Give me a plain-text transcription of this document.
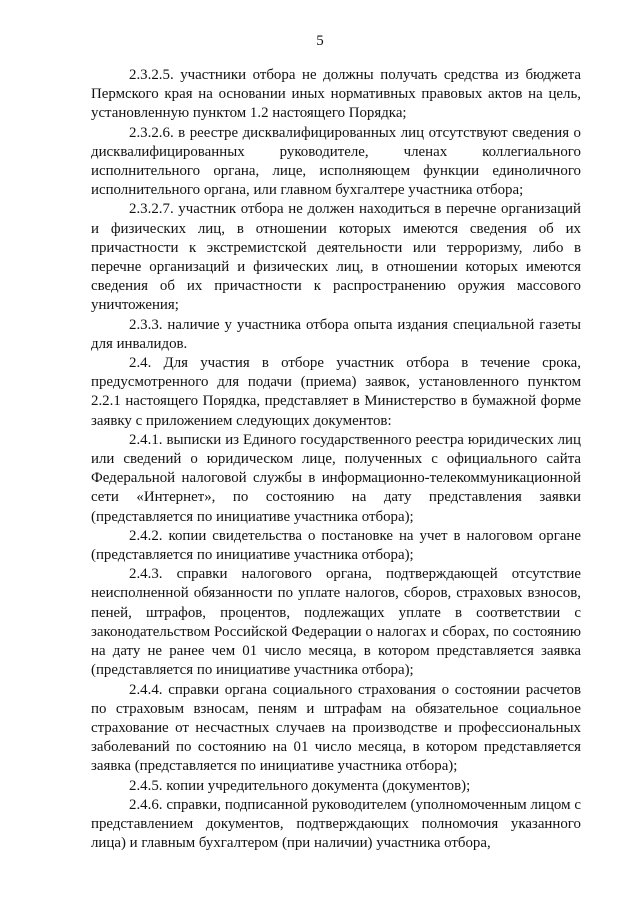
5

2.3.2.5. участники отбора не должны получать средства из бюджета Пермского края на основании иных нормативных правовых актов на цель, установленную пунктом 1.2 настоящего Порядка;

2.3.2.6. в реестре дисквалифицированных лиц отсутствуют сведения о дисквалифицированных руководителе, членах коллегиального исполнительного органа, лице, исполняющем функции единоличного исполнительного органа, или главном бухгалтере участника отбора;

2.3.2.7. участник отбора не должен находиться в перечне организаций и физических лиц, в отношении которых имеются сведения об их причастности к экстремистской деятельности или терроризму, либо в перечне организаций и физических лиц, в отношении которых имеются сведения об их причастности к распространению оружия массового уничтожения;

2.3.3. наличие у участника отбора опыта издания специальной газеты для инвалидов.

2.4. Для участия в отборе участник отбора в течение срока, предусмотренного для подачи (приема) заявок, установленного пунктом 2.2.1 настоящего Порядка, представляет в Министерство в бумажной форме заявку с приложением следующих документов:

2.4.1. выписки из Единого государственного реестра юридических лиц или сведений о юридическом лице, полученных с официального сайта Федеральной налоговой службы в информационно-телекоммуникационной сети «Интернет», по состоянию на дату представления заявки (представляется по инициативе участника отбора);

2.4.2. копии свидетельства о постановке на учет в налоговом органе (представляется по инициативе участника отбора);

2.4.3. справки налогового органа, подтверждающей отсутствие неисполненной обязанности по уплате налогов, сборов, страховых взносов, пеней, штрафов, процентов, подлежащих уплате в соответствии с законодательством Российской Федерации о налогах и сборах, по состоянию на дату не ранее чем 01 число месяца, в котором представляется заявка (представляется по инициативе участника отбора);

2.4.4. справки органа социального страхования о состоянии расчетов по страховым взносам, пеням и штрафам на обязательное социальное страхование от несчастных случаев на производстве и профессиональных заболеваний по состоянию на 01 число месяца, в котором представляется заявка (представляется по инициативе участника отбора);

2.4.5. копии учредительного документа (документов);

2.4.6. справки, подписанной руководителем (уполномоченным лицом с представлением документов, подтверждающих полномочия указанного лица) и главным бухгалтером (при наличии) участника отбора,
